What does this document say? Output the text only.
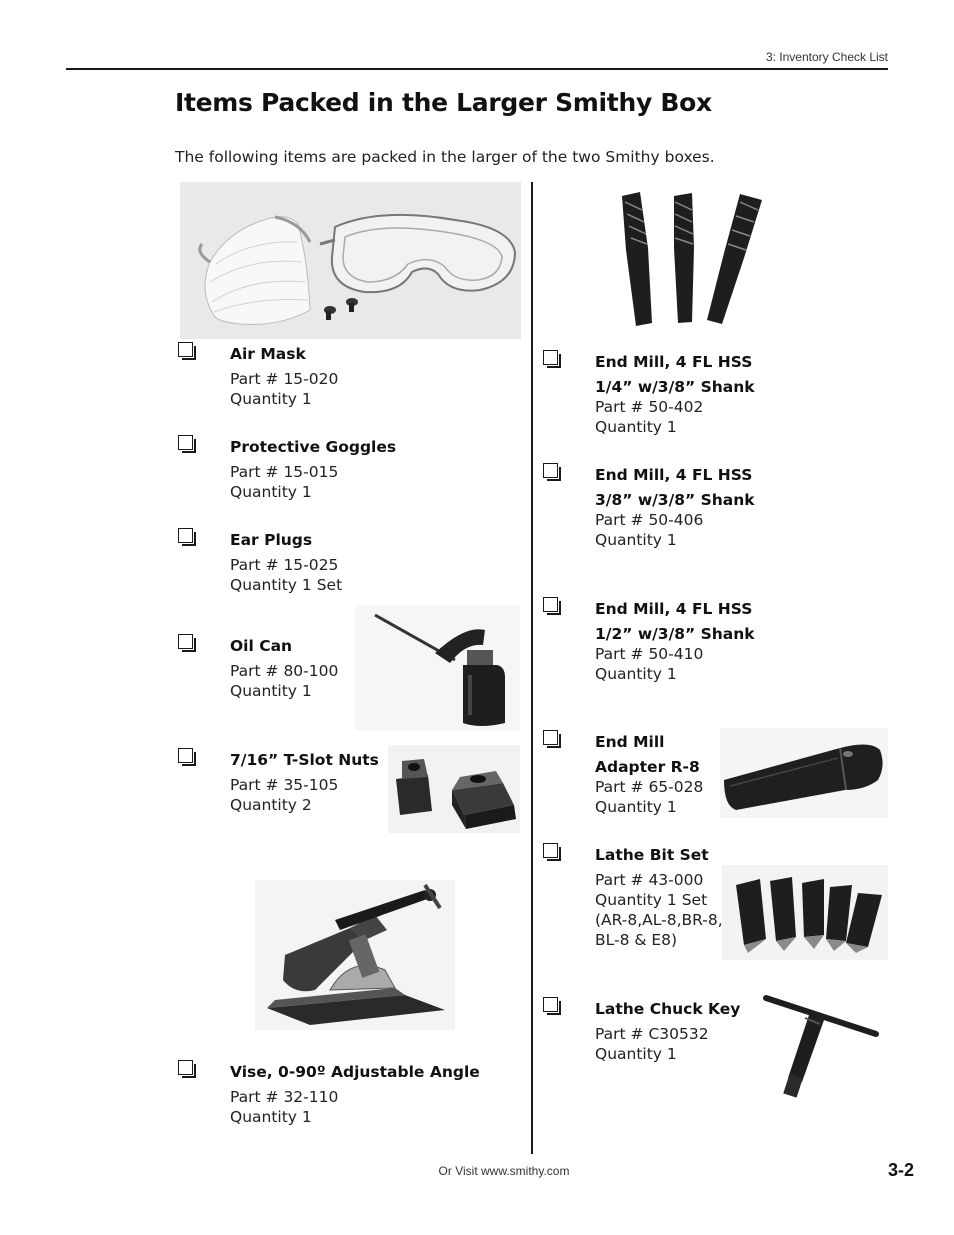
3: Inventory Check List
Items Packed in the Larger Smithy Box
The following items are packed in the larger of the two Smithy boxes.
Air Mask
Part # 15-020
Quantity 1
Protective Goggles
Part # 15-015
Quantity 1
Ear Plugs
Part # 15-025
Quantity 1 Set
Oil Can
Part # 80-100
Quantity 1
7/16” T-Slot Nuts
Part # 35-105
Quantity 2
Vise, 0-90º Adjustable Angle
Part # 32-110
Quantity 1
End Mill, 4 FL HSS
1/4” w/3/8” Shank
Part # 50-402
Quantity 1
End Mill, 4 FL HSS
3/8” w/3/8” Shank
Part # 50-406
Quantity 1
End Mill, 4 FL HSS
1/2” w/3/8” Shank
Part # 50-410
Quantity 1
End Mill
Adapter R-8
Part # 65-028
Quantity 1
Lathe Bit Set
Part # 43-000
Quantity 1 Set
(AR-8,AL-8,BR-8,
BL-8 & E8)
Lathe Chuck Key
Part # C30532
Quantity 1
Or Visit www.smithy.com	3-2
